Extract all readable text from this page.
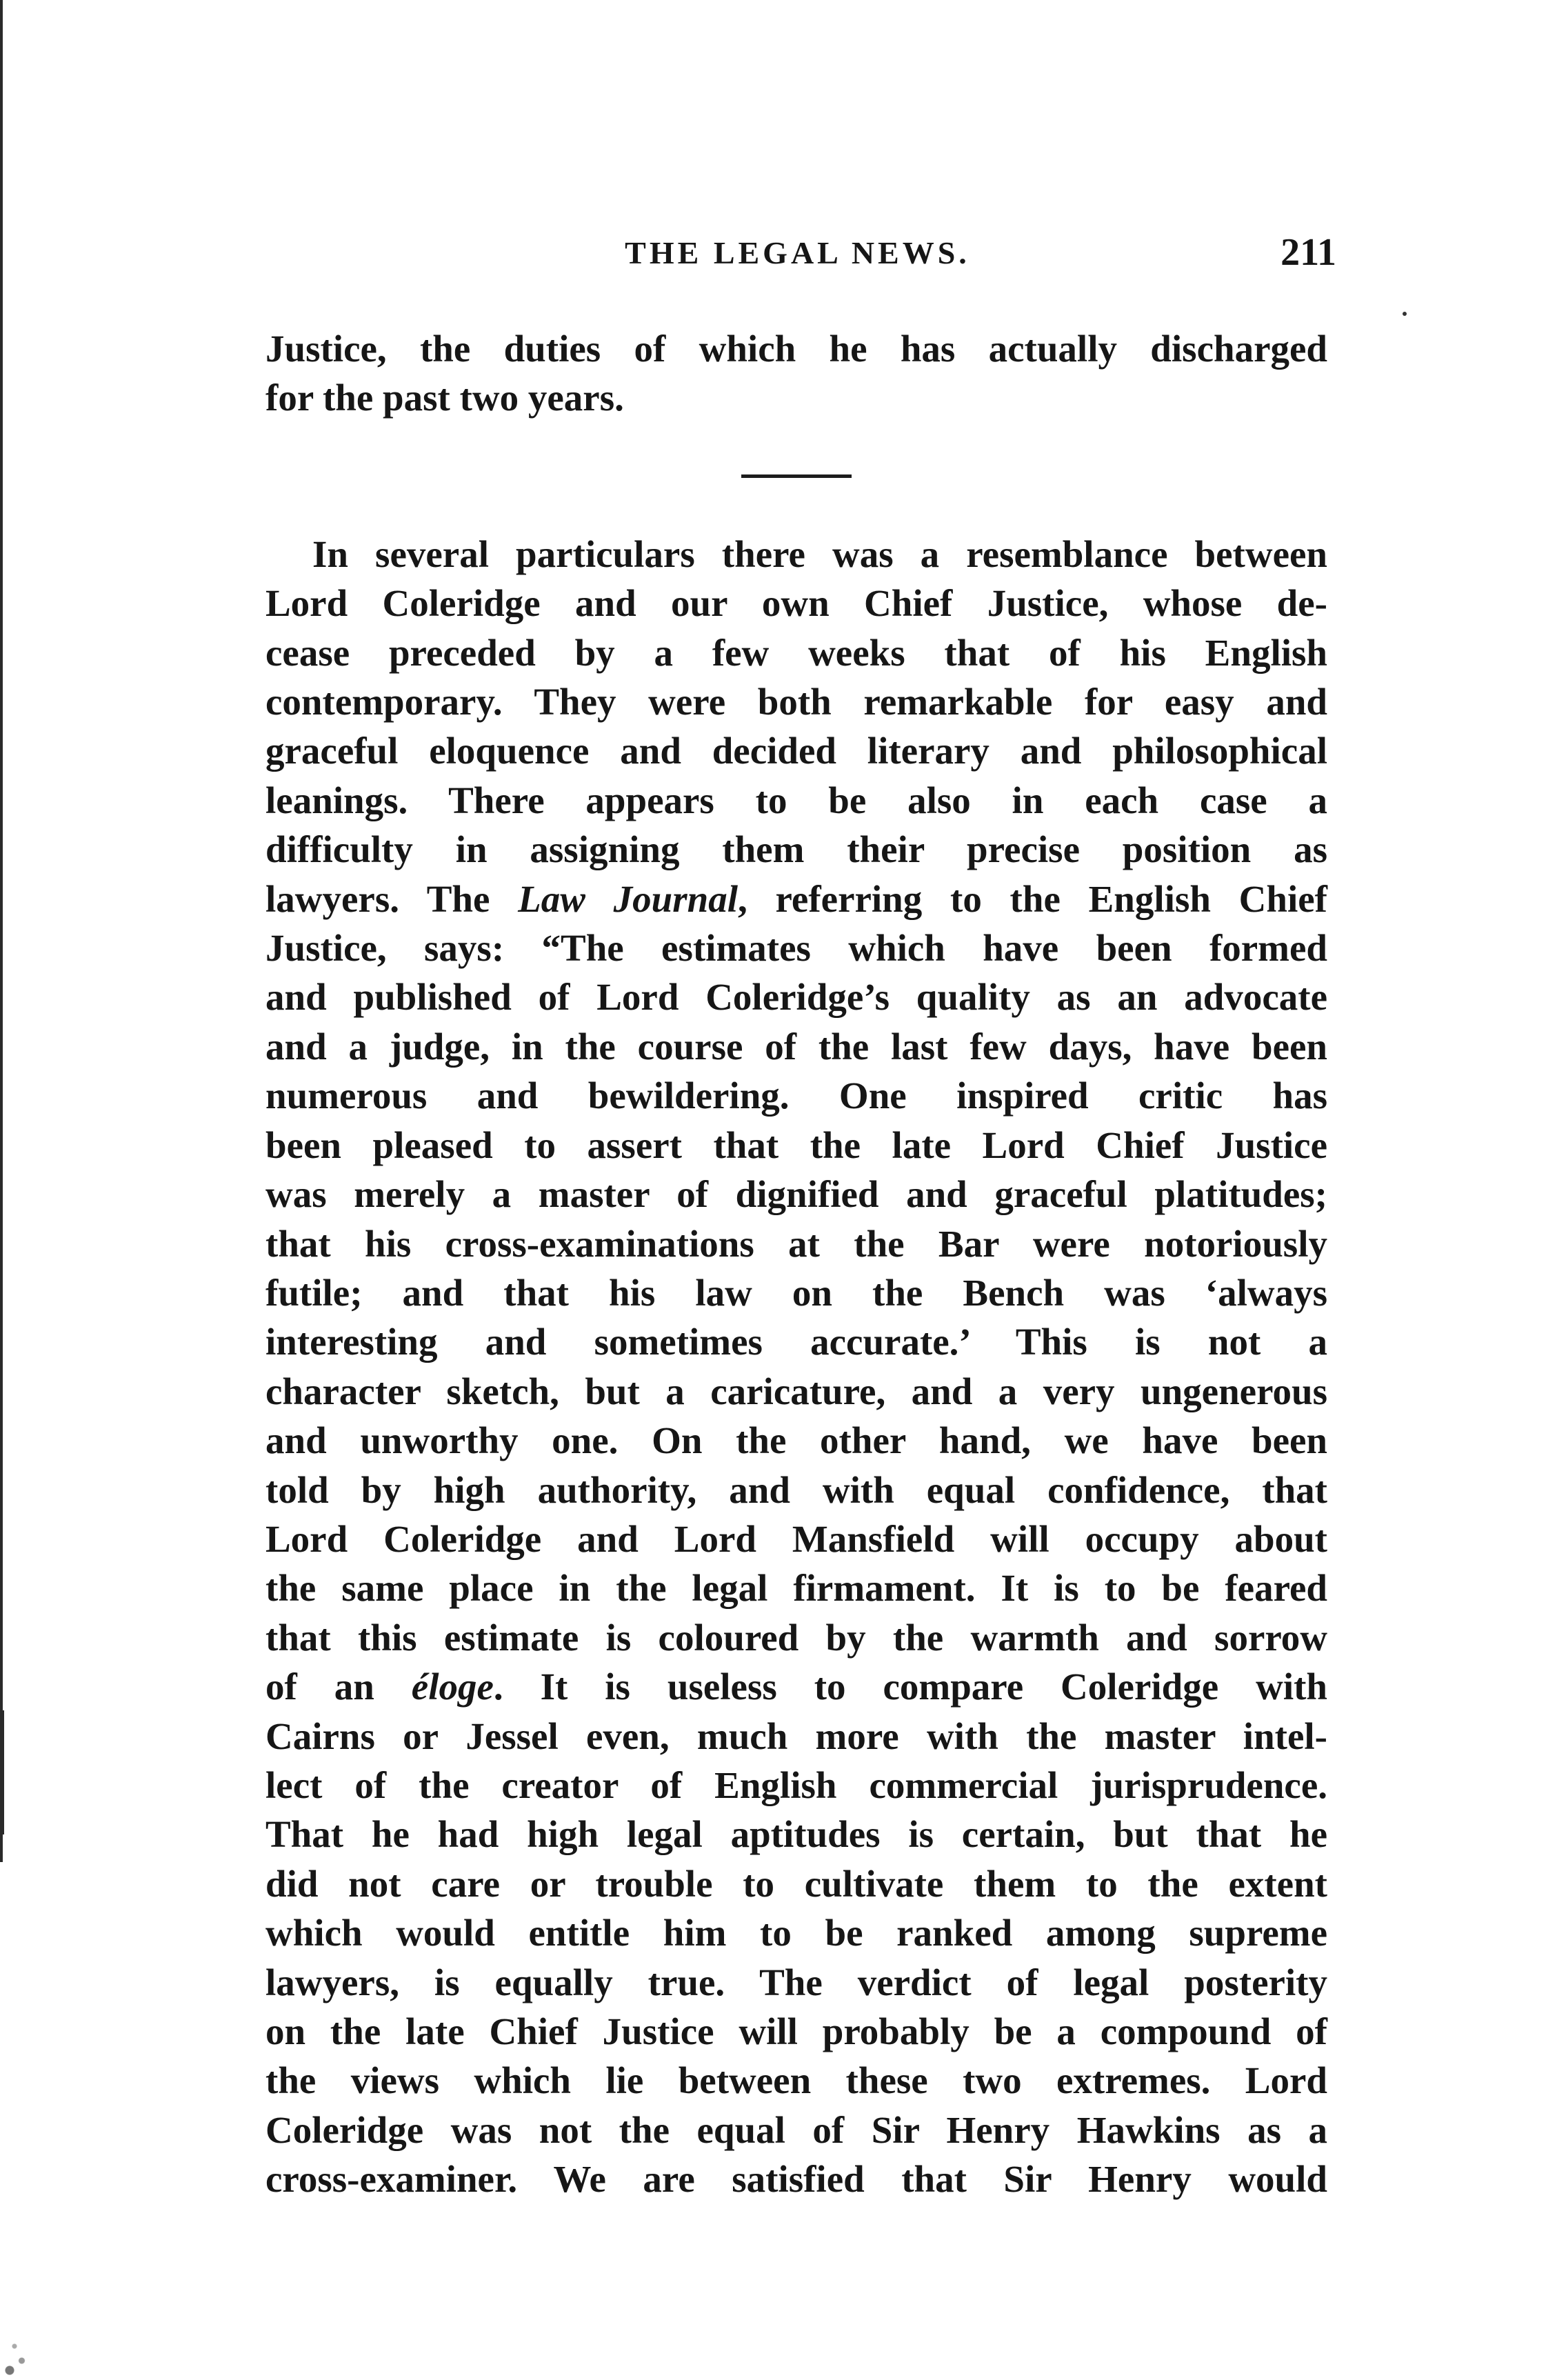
THE LEGAL NEWS.	211

Justice, the duties of which he has actually discharged
for the past two years.

In several particulars there was a resemblance between
Lord Coleridge and our own Chief Justice, whose de-
cease preceded by a few weeks that of his English
contemporary. They were both remarkable for easy and
graceful eloquence and decided literary and philosophical
leanings. There appears to be also in each case a
difficulty in assigning them their precise position as
lawyers. The Law Journal, referring to the English Chief
Justice, says: “The estimates which have been formed
and published of Lord Coleridge’s quality as an advocate
and a judge, in the course of the last few days, have been
numerous and bewildering. One inspired critic has
been pleased to assert that the late Lord Chief Justice
was merely a master of dignified and graceful platitudes;
that his cross-examinations at the Bar were notoriously
futile; and that his law on the Bench was ‘always
interesting and sometimes accurate.’ This is not a
character sketch, but a caricature, and a very ungenerous
and unworthy one. On the other hand, we have been
told by high authority, and with equal confidence, that
Lord Coleridge and Lord Mansfield will occupy about
the same place in the legal firmament. It is to be feared
that this estimate is coloured by the warmth and sorrow
of an éloge. It is useless to compare Coleridge with
Cairns or Jessel even, much more with the master intel-
lect of the creator of English commercial jurisprudence.
That he had high legal aptitudes is certain, but that he
did not care or trouble to cultivate them to the extent
which would entitle him to be ranked among supreme
lawyers, is equally true. The verdict of legal posterity
on the late Chief Justice will probably be a compound of
the views which lie between these two extremes. Lord
Coleridge was not the equal of Sir Henry Hawkins as a
cross-examiner. We are satisfied that Sir Henry would
